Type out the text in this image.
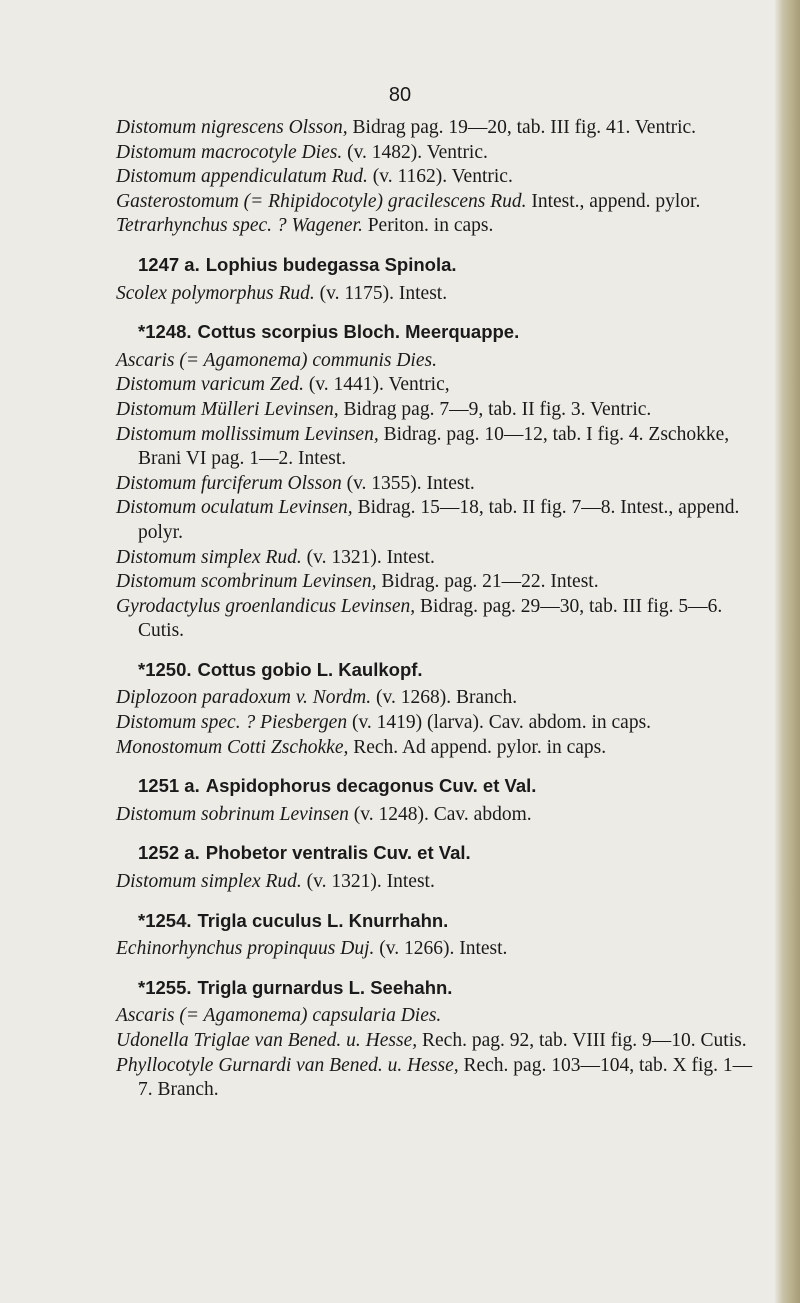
80
Distomum nigrescens Olsson, Bidrag pag. 19—20, tab. III fig. 41. Ventric.
Distomum macrocotyle Dies. (v. 1482). Ventric.
Distomum appendiculatum Rud. (v. 1162). Ventric.
Gasterostomum (= Rhipidocotyle) gracilescens Rud. Intest., append. pylor.
Tetrarhynchus spec. ? Wagener. Periton. in caps.
1247 a. Lophius budegassa Spinola.
Scolex polymorphus Rud. (v. 1175). Intest.
*1248. Cottus scorpius Bloch. Meerquappe.
Ascaris (= Agamonema) communis Dies.
Distomum varicum Zed. (v. 1441). Ventric,
Distomum Mülleri Levinsen, Bidrag pag. 7—9, tab. II fig. 3. Ventric.
Distomum mollissimum Levinsen, Bidrag. pag. 10—12, tab. I fig. 4. Zschokke, Brani VI pag. 1—2. Intest.
Distomum furciferum Olsson (v. 1355). Intest.
Distomum oculatum Levinsen, Bidrag. 15—18, tab. II fig. 7—8. Intest., append. polyr.
Distomum simplex Rud. (v. 1321). Intest.
Distomum scombrinum Levinsen, Bidrag. pag. 21—22. Intest.
Gyrodactylus groenlandicus Levinsen, Bidrag. pag. 29—30, tab. III fig. 5—6. Cutis.
*1250. Cottus gobio L. Kaulkopf.
Diplozoon paradoxum v. Nordm. (v. 1268). Branch.
Distomum spec. ? Piesbergen (v. 1419) (larva). Cav. abdom. in caps.
Monostomum Cotti Zschokke, Rech. Ad append. pylor. in caps.
1251 a. Aspidophorus decagonus Cuv. et Val.
Distomum sobrinum Levinsen (v. 1248). Cav. abdom.
1252 a. Phobetor ventralis Cuv. et Val.
Distomum simplex Rud. (v. 1321). Intest.
*1254. Trigla cuculus L. Knurrhahn.
Echinorhynchus propinquus Duj. (v. 1266). Intest.
*1255. Trigla gurnardus L. Seehahn.
Ascaris (= Agamonema) capsularia Dies.
Udonella Triglae van Bened. u. Hesse, Rech. pag. 92, tab. VIII fig. 9—10. Cutis.
Phyllocotyle Gurnardi van Bened. u. Hesse, Rech. pag. 103—104, tab. X fig. 1—7. Branch.
